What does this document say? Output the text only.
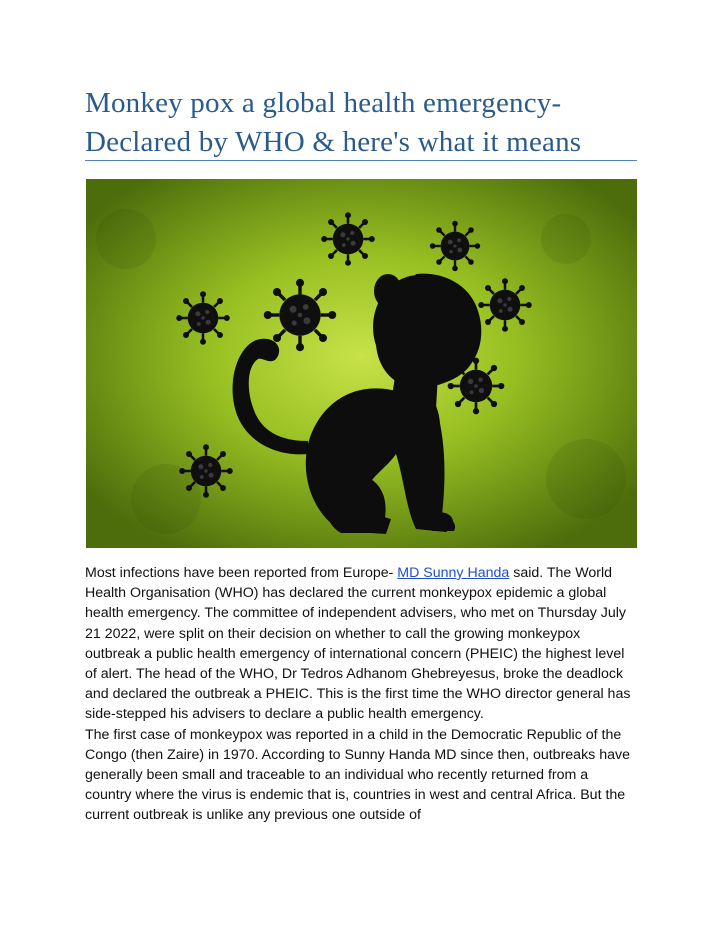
Monkey pox a global health emergency- Declared by WHO & here's what it means

Most infections have been reported from Europe- MD Sunny Handa said. The World Health Organisation (WHO) has declared the current monkeypox epidemic a global health emergency. The committee of independent advisers, who met on Thursday July 21 2022, were split on their decision on whether to call the growing monkeypox outbreak a public health emergency of international concern (PHEIC) the highest level of alert. The head of the WHO, Dr Tedros Adhanom Ghebreyesus, broke the deadlock and declared the outbreak a PHEIC. This is the first time the WHO director general has side-stepped his advisers to declare a public health emergency.

The first case of monkeypox was reported in a child in the Democratic Republic of the Congo (then Zaire) in 1970. According to Sunny Handa MD since then, outbreaks have generally been small and traceable to an individual who recently returned from a country where the virus is endemic that is, countries in west and central Africa. But the current outbreak is unlike any previous one outside of
